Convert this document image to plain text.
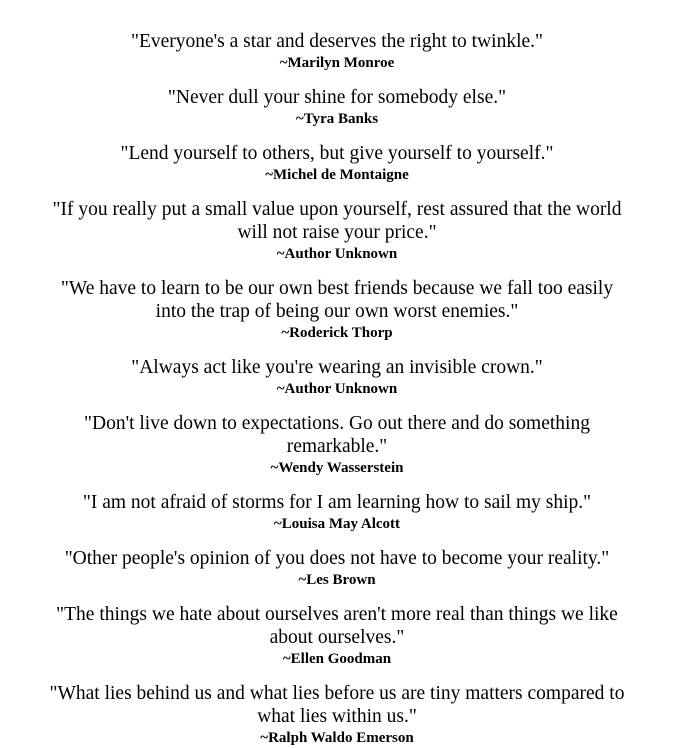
"Everyone's a star and deserves the right to twinkle."

~Marilyn Monroe

"Never dull your shine for somebody else."

~Tyra Banks

"Lend yourself to others, but give yourself to yourself."

~Michel de Montaigne

"If you really put a small value upon yourself, rest assured that the world will not raise your price."

~Author Unknown

"We have to learn to be our own best friends because we fall too easily into the trap of being our own worst enemies."

~Roderick Thorp

"Always act like you're wearing an invisible crown."

~Author Unknown

"Don't live down to expectations. Go out there and do something remarkable."

~Wendy Wasserstein

"I am not afraid of storms for I am learning how to sail my ship."

~Louisa May Alcott

"Other people's opinion of you does not have to become your reality."

~Les Brown

"The things we hate about ourselves aren't more real than things we like about ourselves."

~Ellen Goodman

"What lies behind us and what lies before us are tiny matters compared to what lies within us."

~Ralph Waldo Emerson
